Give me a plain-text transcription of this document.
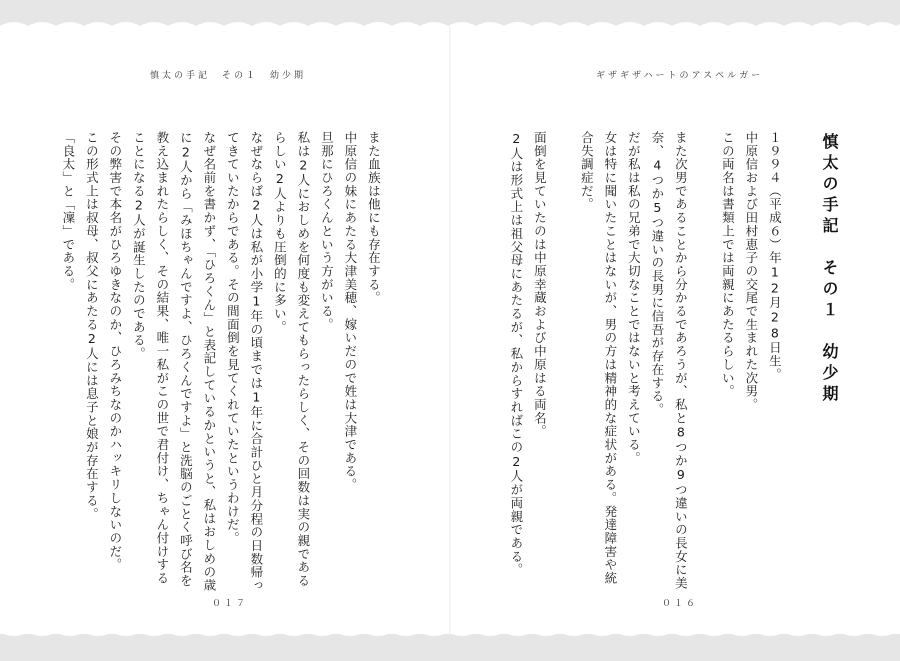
慎太の手記　その１　幼少期
また血族は他にも存在する。
中原信の妹にあたる大津美穂、嫁いだので姓は大津である。
旦那にひろくんという方がいる。
私は2人におしめを何度も変えてもらったらしく、その回数は実の親である
らしい2人よりも圧倒的に多い。
なぜならば2人は私が小学1年の頃までは1年に合計ひと月分程の日数帰っ
てきていたからである。その間面倒を見てくれていたというわけだ。
なぜ名前を書かず、「ひろくん」と表記しているかというと、私はおしめの歳
に2人から「みほちゃんですよ、ひろくんですよ」と洗脳のごとく呼び名を
教え込まれたらしく、その結果、唯一私がこの世で君付け、ちゃん付けする
ことになる2人が誕生したのである。
その弊害で本名がひろゆきなのか、ひろみちなのかハッキリしないのだ。
この形式上は叔母、叔父にあたる2人には息子と娘が存在する。
「良太」と「凜」である。
０１７
ギザギザハートのアスペルガー
慎太の手記　その１　幼少期
１９９４（平成６）年12月28日生。
中原信および田村恵子の交尾で生まれた次男。
この両名は書類上では両親にあたるらしい。
また次男であることから分かるであろうが、私と8つか9つ違いの長女に美
奈、4つか5つ違いの長男に信吾が存在する。
だが私は私の兄弟で大切なことではないと考えている。
女は特に聞いたことはないが、男の方は精神的な症状がある。発達障害や統
合失調症だ。
面倒を見ていたのは中原幸蔵および中原はる両名。
2人は形式上は祖父母にあたるが、私からすればこの2人が両親である。
０１６
